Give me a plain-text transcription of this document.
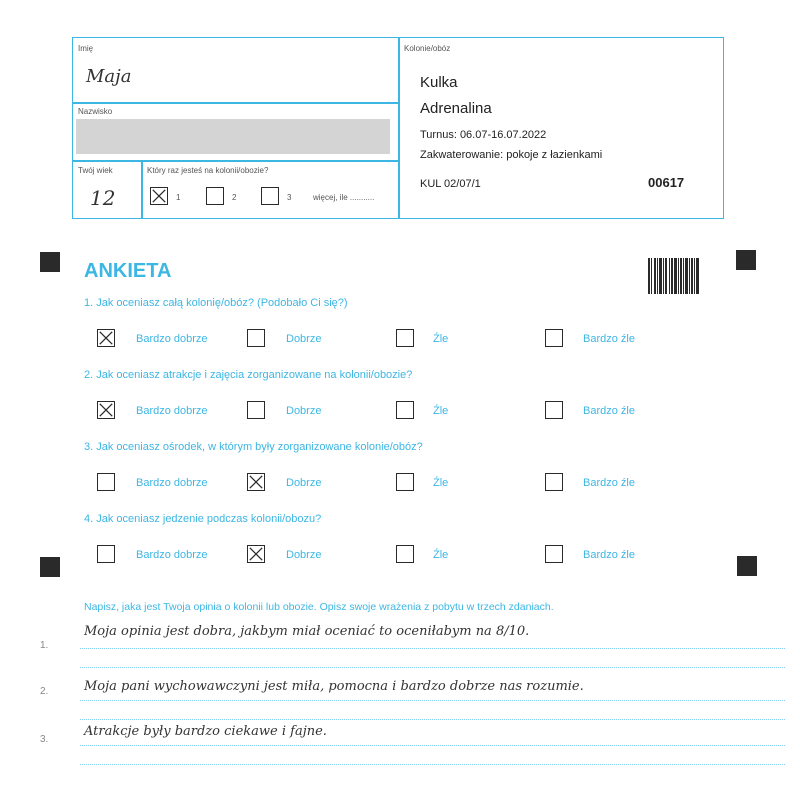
Imię
Maja
Nazwisko
Twój wiek
12
Który raz jesteś na kolonii/obozie?
1	2	3	więcej, ile ...........
Kolonie/obóz
Kulka
Adrenalina
Turnus: 06.07-16.07.2022
Zakwaterowanie: pokoje z łazienkami
KUL 02/07/1	00617
ANKIETA
1. Jak oceniasz całą kolonię/obóz? (Podobało Ci się?)
Bardzo dobrze	Dobrze	Źle	Bardzo źle
2. Jak oceniasz atrakcje i zajęcia zorganizowane na kolonii/obozie?
Bardzo dobrze	Dobrze	Źle	Bardzo źle
3. Jak oceniasz ośrodek, w którym były zorganizowane kolonie/obóz?
Bardzo dobrze	Dobrze	Źle	Bardzo źle
4. Jak oceniasz jedzenie podczas kolonii/obozu?
Bardzo dobrze	Dobrze	Źle	Bardzo źle
Napisz, jaka jest Twoja opinia o kolonii lub obozie. Opisz swoje wrażenia z pobytu w trzech zdaniach.
1.
Moja opinia jest dobra, jakbym miał oceniać to oceniłabym na 8/10.
2.	Moja pani wychowawczyni jest miła, pomocna i bardzo dobrze nas rozumie.
3.
Atrakcje były bardzo ciekawe i fajne.
